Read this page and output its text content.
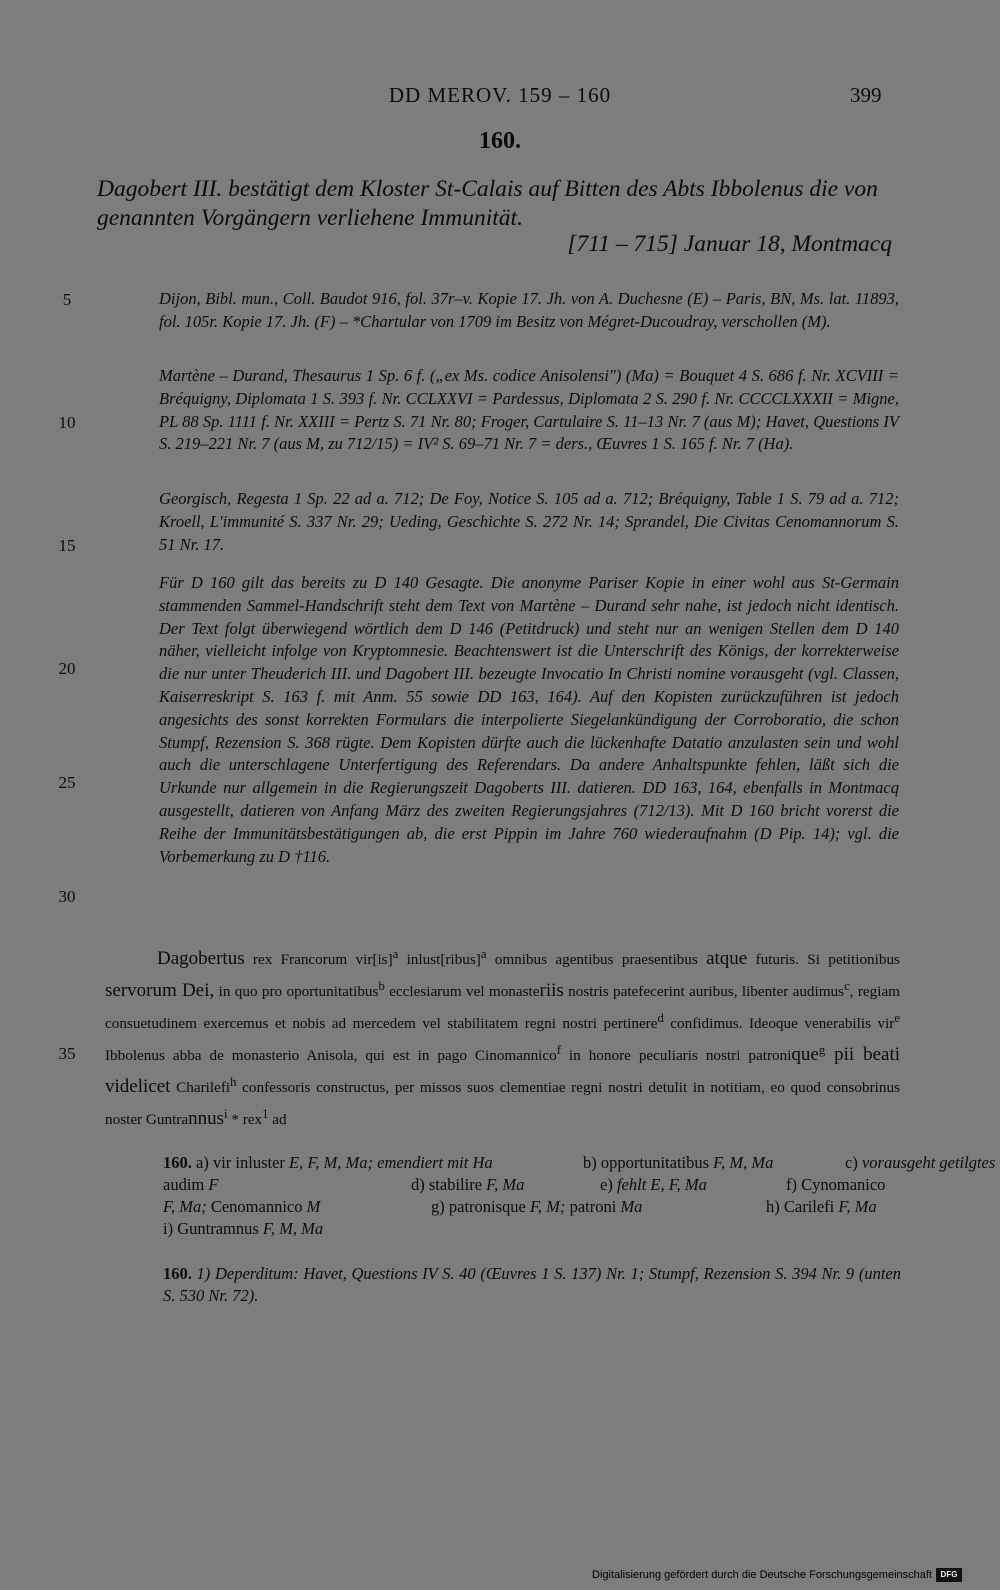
DD MEROV. 159 – 160	399
160.
Dagobert III. bestätigt dem Kloster St-Calais auf Bitten des Abts Ibbolenus die von genannten Vorgängern verliehene Immunität.
[711 – 715] Januar 18, Montmacq
5
10
15
20
25
30
35
Dijon, Bibl. mun., Coll. Baudot 916, fol. 37r–v. Kopie 17. Jh. von A. Duchesne (E) – Paris, BN, Ms. lat. 11893, fol. 105r. Kopie 17. Jh. (F) – *Chartular von 1709 im Besitz von Mégret-Ducoudray, verschollen (M).
Martène – Durand, Thesaurus 1 Sp. 6 f. („ex Ms. codice Anisolensi") (Ma) = Bouquet 4 S. 686 f. Nr. XCVIII = Bréquigny, Diplomata 1 S. 393 f. Nr. CCLXXVI = Pardessus, Diplomata 2 S. 290 f. Nr. CCCCLXXXII = Migne, PL 88 Sp. 1111 f. Nr. XXIII = Pertz S. 71 Nr. 80; Froger, Cartulaire S. 11–13 Nr. 7 (aus M); Havet, Questions IV S. 219–221 Nr. 7 (aus M, zu 712/15) = IV² S. 69–71 Nr. 7 = ders., Œuvres 1 S. 165 f. Nr. 7 (Ha).
Georgisch, Regesta 1 Sp. 22 ad a. 712; De Foy, Notice S. 105 ad a. 712; Bréquigny, Table 1 S. 79 ad a. 712; Kroell, L'immunité S. 337 Nr. 29; Ueding, Geschichte S. 272 Nr. 14; Sprandel, Die Civitas Cenomannorum S. 51 Nr. 17.
Für D 160 gilt das bereits zu D 140 Gesagte. Die anonyme Pariser Kopie in einer wohl aus St-Germain stammenden Sammel-Handschrift steht dem Text von Martène – Durand sehr nahe, ist jedoch nicht identisch. Der Text folgt überwiegend wörtlich dem D 146 (Petitdruck) und steht nur an wenigen Stellen dem D 140 näher, vielleicht infolge von Kryptomnesie. Beachtenswert ist die Unterschrift des Königs, der korrekterweise die nur unter Theuderich III. und Dagobert III. bezeugte Invocatio In Christi nomine vorausgeht (vgl. Classen, Kaiserreskript S. 163 f. mit Anm. 55 sowie DD 163, 164). Auf den Kopisten zurückzuführen ist jedoch angesichts des sonst korrekten Formulars die interpolierte Siegelankündigung der Corroboratio, die schon Stumpf, Rezension S. 368 rügte. Dem Kopisten dürfte auch die lückenhafte Datatio anzulasten sein und wohl auch die unterschlagene Unterfertigung des Referendars. Da andere Anhaltspunkte fehlen, läßt sich die Urkunde nur allgemein in die Regierungszeit Dagoberts III. datieren. DD 163, 164, ebenfalls in Montmacq ausgestellt, datieren von Anfang März des zweiten Regierungsjahres (712/13). Mit D 160 bricht vorerst die Reihe der Immunitätsbestätigungen ab, die erst Pippin im Jahre 760 wiederaufnahm (D Pip. 14); vgl. die Vorbemerkung zu D †116.
Dagobertus rex Francorum vir[is]$^a$ inlust[ribus]$^a$ omnibus agentibus praesentibus atque futuris. Si petitionibus servorum Dei, in quo pro oportunitatibus$^b$ ecclesiarum vel monasteriis nostris patefecerint auribus, libenter audimus$^c$, regiam consuetudinem exercemus et nobis ad mercedem vel stabilitatem regni nostri pertinere$^d$ confidimus. Ideoque venerabilis vir$^e$ Ibbolenus abba de monasterio Anisola, qui est in pago Cinomannico$^f$ in honore peculiaris nostri patronique$^g$ pii beati videlicet Charilefi$^h$ confessoris constructus, per missos suos clementiae regni nostri detulit in notitiam, eo quod consobrinus noster Guntrannus$^i$ * rex$^1$ ad
160. a) vir inluster E, F, M, Ma; emendiert mit Ha	b) opportunitatibus F, M, Ma	c) vorausgeht getilgtes
audim F	d) stabilire F, Ma	e) fehlt E, F, Ma	f) Cynomanico
F, Ma; Cenomannico M	g) patronisque F, M; patroni Ma	h) Carilefi F, Ma
i) Guntramnus F, M, Ma
160. 1) Deperditum: Havet, Questions IV S. 40 (Œuvres 1 S. 137) Nr. 1; Stumpf, Rezension S. 394 Nr. 9 (unten S. 530 Nr. 72).
Digitalisierung gefördert durch die Deutsche Forschungsgemeinschaft	DFG
